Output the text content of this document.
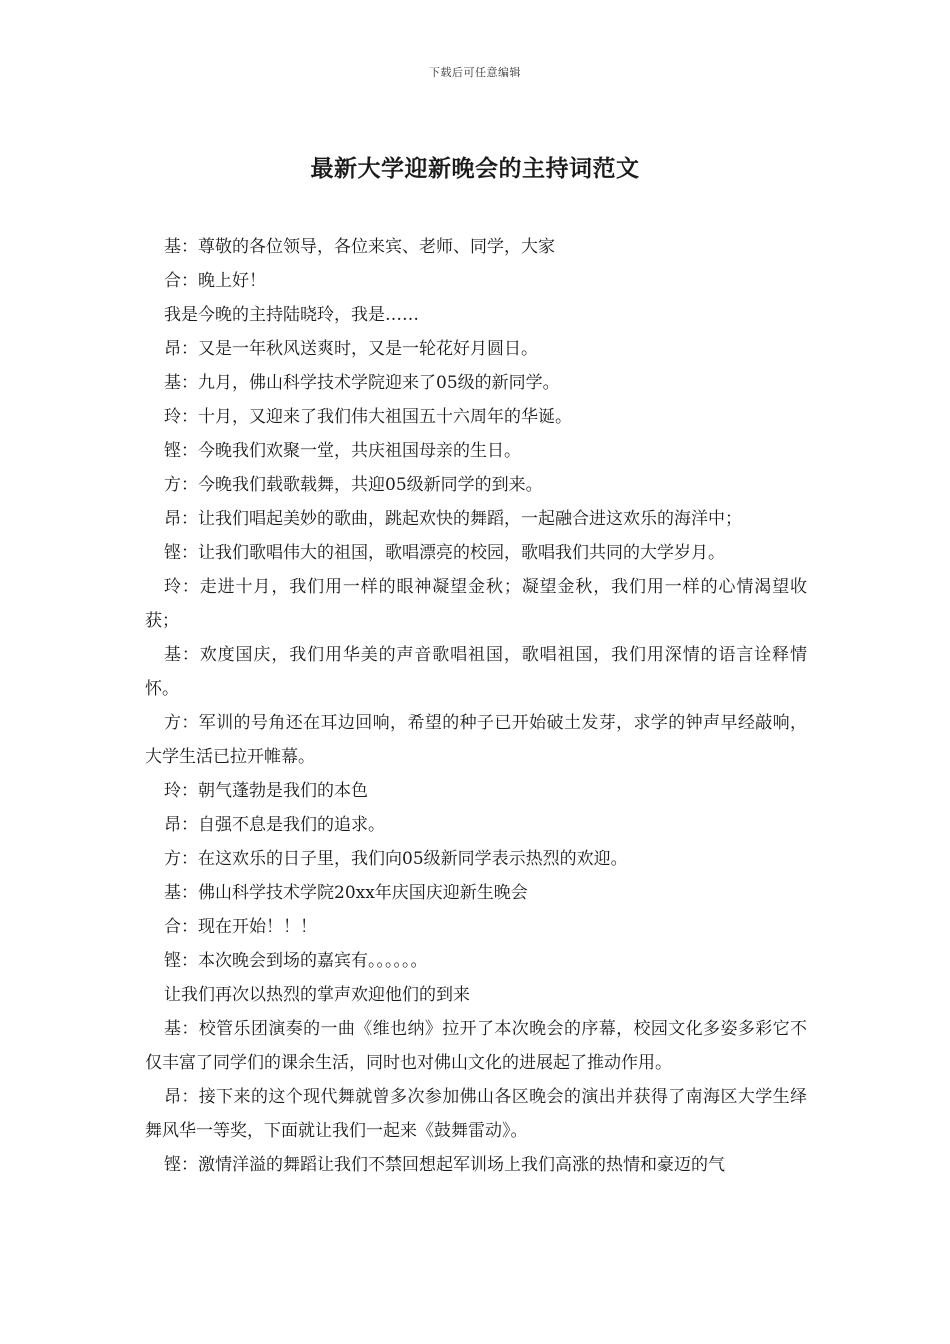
下载后可任意编辑
最新大学迎新晚会的主持词范文

基：尊敬的各位领导，各位来宾、老师、同学，大家

合：晚上好！

我是今晚的主持陆晓玲，我是……

昂：又是一年秋风送爽时，又是一轮花好月圆日。

基：九月，佛山科学技术学院迎来了05级的新同学。

玲：十月，又迎来了我们伟大祖国五十六周年的华诞。

铿：今晚我们欢聚一堂，共庆祖国母亲的生日。

方：今晚我们载歌载舞，共迎05级新同学的到来。

昂：让我们唱起美妙的歌曲，跳起欢快的舞蹈，一起融合进这欢乐的海洋中；

铿：让我们歌唱伟大的祖国，歌唱漂亮的校园，歌唱我们共同的大学岁月。

玲：走进十月，我们用一样的眼神凝望金秋；凝望金秋，我们用一样的心情渴望收获；

基：欢度国庆，我们用华美的声音歌唱祖国，歌唱祖国，我们用深情的语言诠释情怀。

方：军训的号角还在耳边回响，希望的种子已开始破土发芽，求学的钟声早经敲响，大学生活已拉开帷幕。

玲：朝气蓬勃是我们的本色

昂：自强不息是我们的追求。

方：在这欢乐的日子里，我们向05级新同学表示热烈的欢迎。

基：佛山科学技术学院20xx年庆国庆迎新生晚会

合：现在开始！！！

铿：本次晚会到场的嘉宾有。。。。。。

让我们再次以热烈的掌声欢迎他们的到来

基：校管乐团演奏的一曲《维也纳》拉开了本次晚会的序幕，校园文化多姿多彩它不仅丰富了同学们的课余生活，同时也对佛山文化的进展起了推动作用。

昂：接下来的这个现代舞就曾多次参加佛山各区晚会的演出并获得了南海区大学生绎舞风华一等奖，下面就让我们一起来《鼓舞雷动》。

铿：激情洋溢的舞蹈让我们不禁回想起军训场上我们高涨的热情和豪迈的气
